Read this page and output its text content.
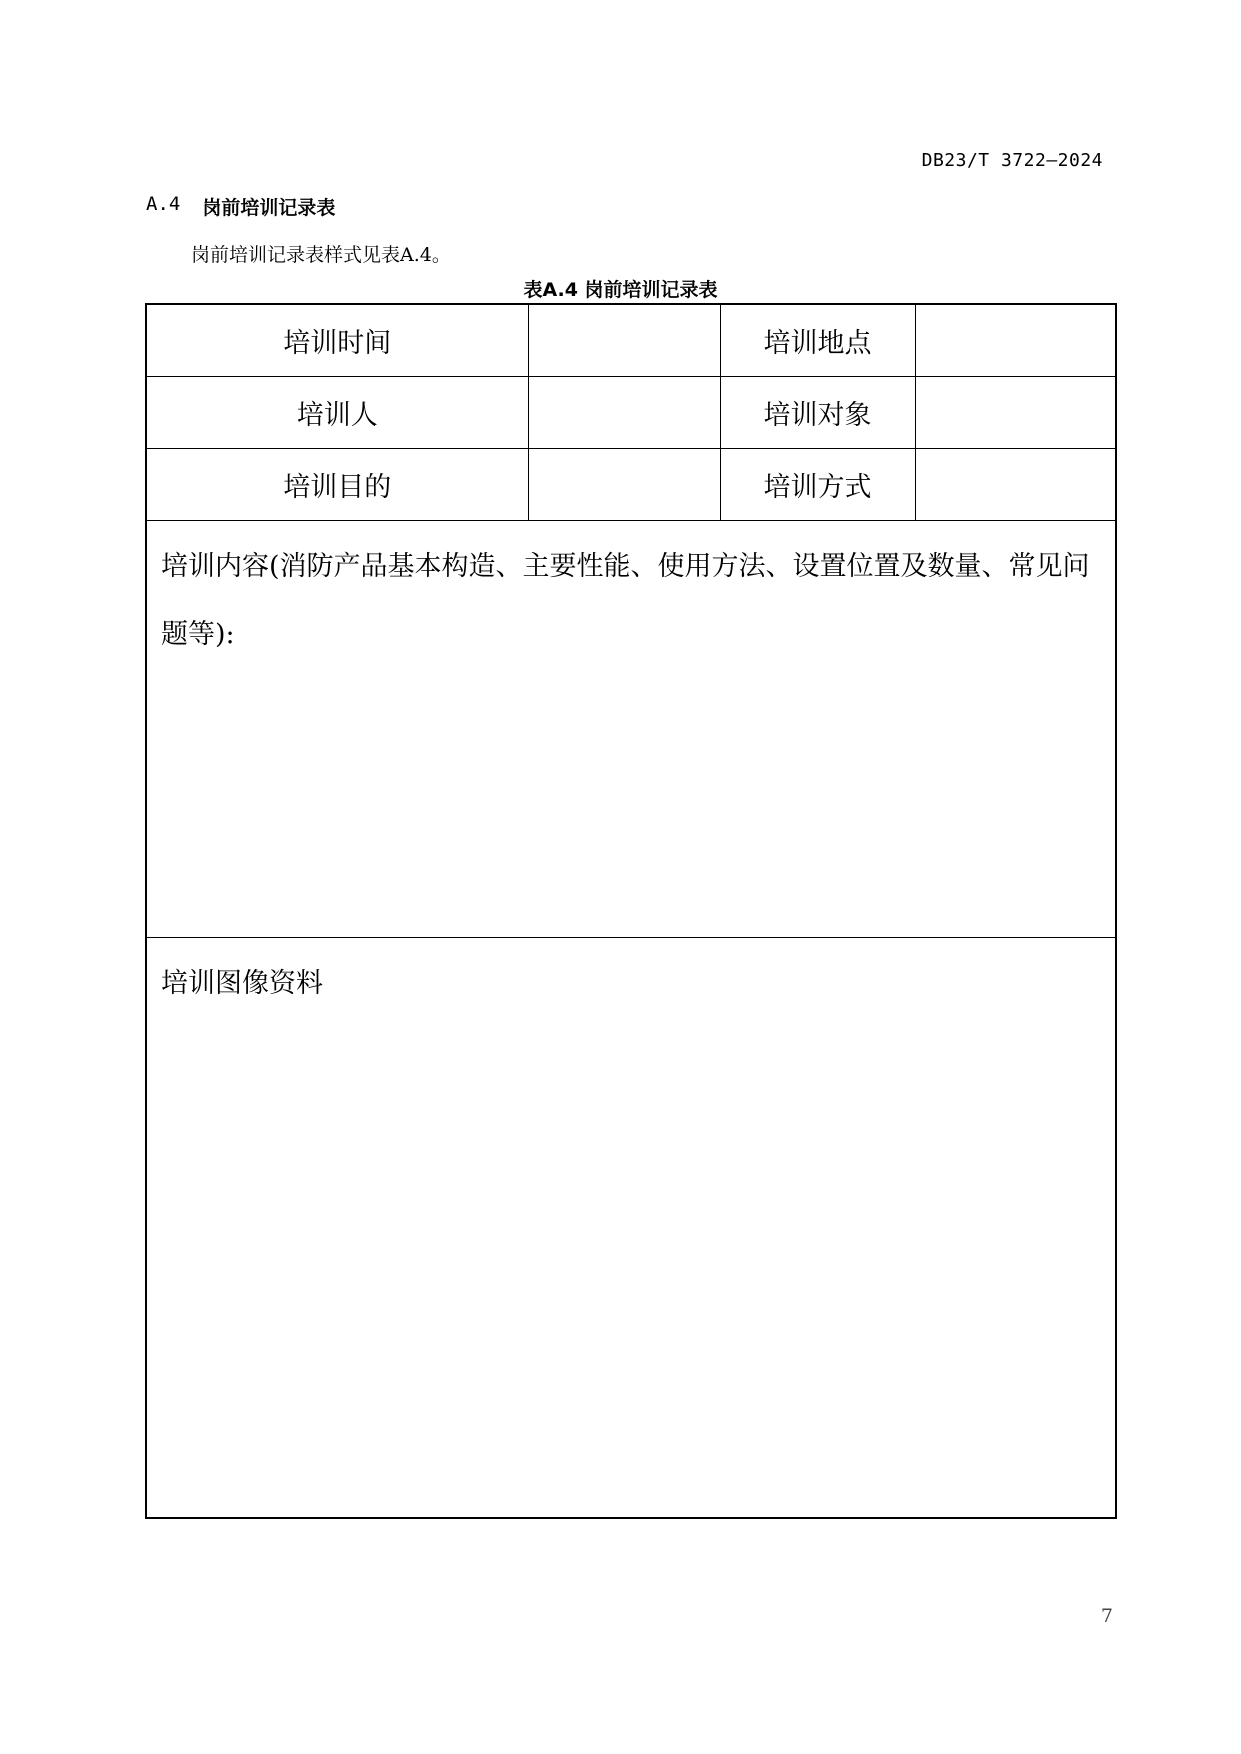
DB23/T 3722—2024
A.4 岗前培训记录表
岗前培训记录表样式见表A.4。
表A.4 岗前培训记录表
培训时间		培训地点	
培训人		培训对象	
培训目的		培训方式	
培训内容(消防产品基本构造、主要性能、使用方法、设置位置及数量、常见问题等):			
培训图像资料			
7
